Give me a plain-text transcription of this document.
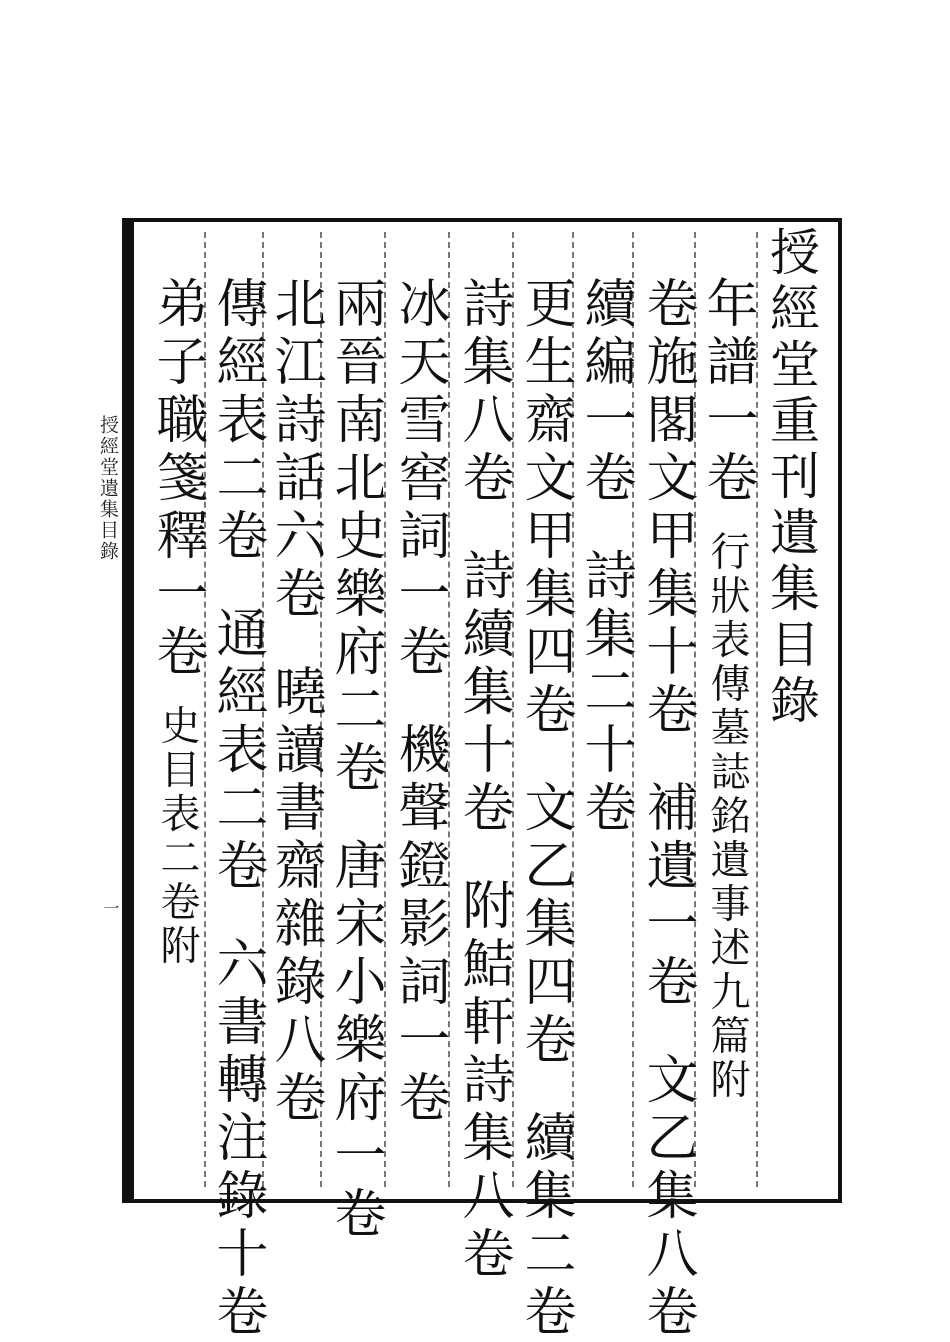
授經堂遺集目錄
一
授經堂重刊遺集目錄
年譜一卷 行狀表傳墓誌銘遺事述九篇附
卷施閣文甲集十卷補遺一卷文乙集八卷
續編一卷詩集二十卷
更生齋文甲集四卷文乙集四卷續集二卷
詩集八卷詩續集十卷附鮚軒詩集八卷
冰天雪窖詞一卷機聲鐙影詞一卷
兩晉南北史樂府二卷唐宋小樂府一卷
北江詩話六卷曉讀書齋雜錄八卷
傳經表二卷通經表二卷六書轉注錄十卷
弟子職箋釋一卷 史目表二卷附
